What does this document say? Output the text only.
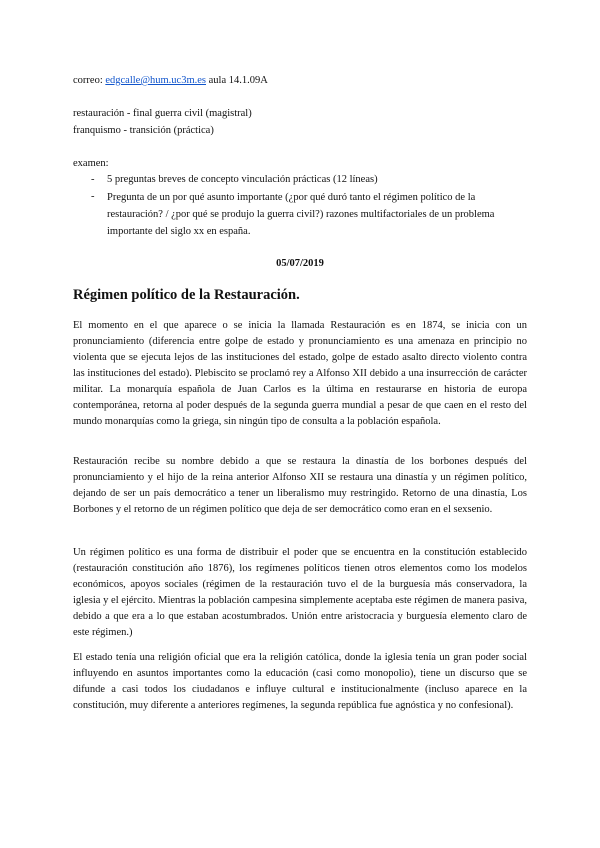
correo: edgcalle@hum.uc3m.es aula 14.1.09A
restauración - final guerra civil (magistral)
franquismo - transición (práctica)
examen:
- 5 preguntas breves de concepto vinculación prácticas (12 líneas)
- Pregunta de un por qué asunto importante (¿por qué duró tanto el régimen político de la restauración? / ¿por qué se produjo la guerra civil?) razones multifactoriales de un problema importante del siglo xx en españa.
05/07/2019
Régimen político de la Restauración.
El momento en el que aparece o se inicia la llamada Restauración es en 1874, se inicia con un pronunciamiento (diferencia entre golpe de estado y pronunciamiento es una amenaza en principio no violenta que se ejecuta lejos de las instituciones del estado, golpe de estado asalto directo violento contra las instituciones del estado). Plebiscito se proclamó rey a Alfonso XII debido a una insurrección de carácter militar. La monarquía española de Juan Carlos es la última en restaurarse en historia de europa contemporánea, retorna al poder después de la segunda guerra mundial a pesar de que caen en el resto del mundo monarquías como la griega, sin ningún tipo de consulta a la población española.
Restauración recibe su nombre debido a que se restaura la dinastía de los borbones después del pronunciamiento y el hijo de la reina anterior Alfonso XII se restaura una dinastía y un régimen político, dejando de ser un país democrático a tener un liberalismo muy restringido. Retorno de una dinastía, Los Borbones y el retorno de un régimen político que deja de ser democrático como eran en el sexsenio.
Un régimen político es una forma de distribuir el poder que se encuentra en la constitución establecido (restauración constitución año 1876), los regímenes políticos tienen otros elementos como los modelos económicos, apoyos sociales (régimen de la restauración tuvo el de la burguesía más conservadora, la iglesia y el ejército. Mientras la población campesina simplemente aceptaba este régimen de manera pasiva, debido a que era a lo que estaban acostumbrados. Unión entre aristocracia y burguesía elemento claro de este régimen.)
El estado tenía una religión oficial que era la religión católica, donde la iglesia tenía un gran poder social influyendo en asuntos importantes como la educación (casi como monopolio), tiene un discurso que se difunde a casi todos los ciudadanos e influye cultural e institucionalmente (incluso aparece en la constitución, muy diferente a anteriores regímenes, la segunda república fue agnóstica y no confesional).
